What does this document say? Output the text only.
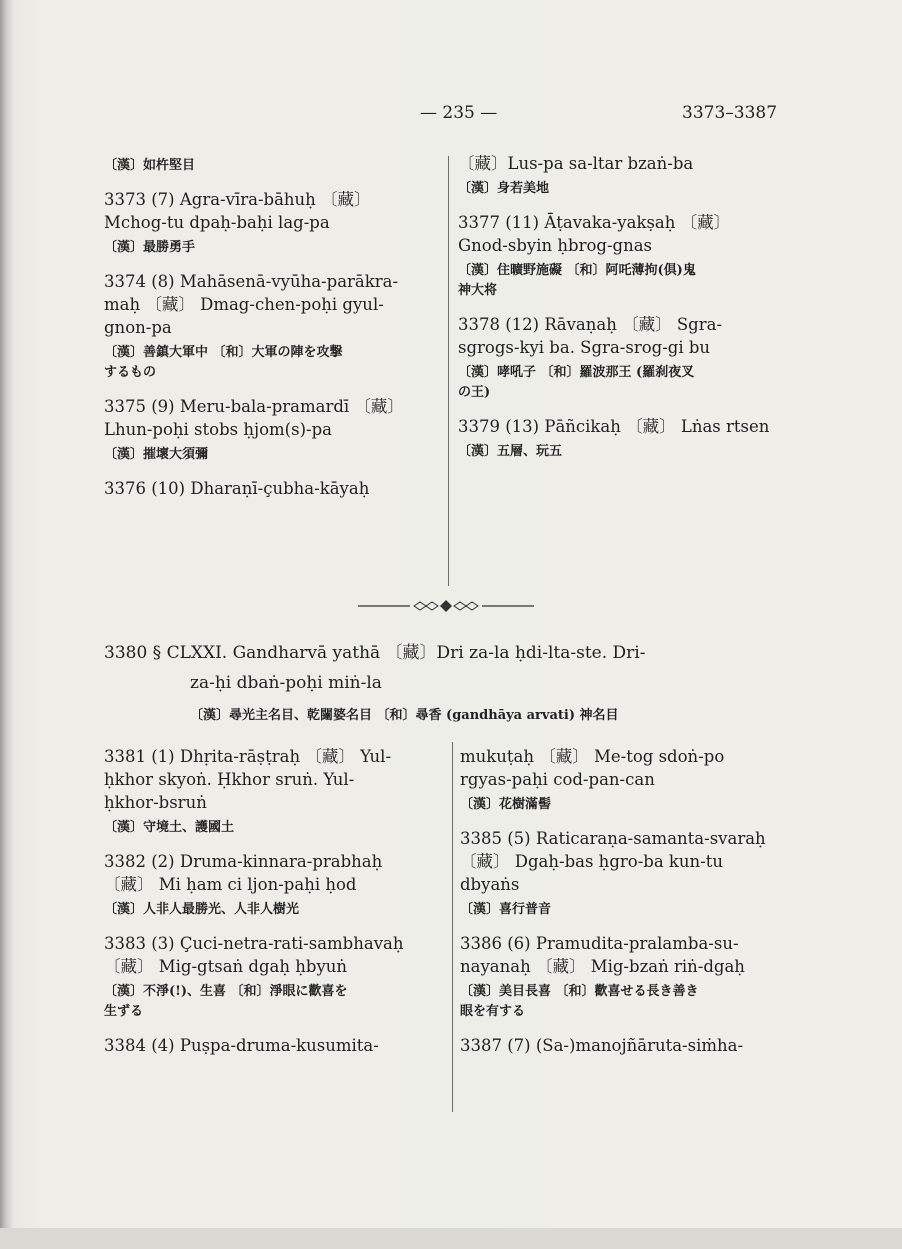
— 235 —	3373–3387
〔漢〕如杵堅目
3373 (7) Agra-vīra-bāhuḥ 〔藏〕
Mchog-tu dpaḥ-baḥi lag-pa
〔漢〕最勝勇手
3374 (8) Mahāsenā-vyūha-parākra-
maḥ 〔藏〕 Dmag-chen-poḥi gyul-
gnon-pa
〔漢〕善鎮大軍中 〔和〕大軍の陣を攻撃
するもの
3375 (9) Meru-bala-pramardī 〔藏〕
Lhun-poḥi stobs ḥjom(s)-pa
〔漢〕摧壞大須彌
3376 (10) Dharaṇī-çubha-kāyaḥ
〔藏〕Lus-pa sa-ltar bzaṅ-ba
〔漢〕身若美地
3377 (11) Āṭavaka-yakṣaḥ 〔藏〕
Gnod-sbyin ḥbrog-gnas
〔漢〕住曠野施礙 〔和〕阿吒薄拘(倶)鬼
神大将
3378 (12) Rāvaṇaḥ 〔藏〕 Sgra-
sgrogs-kyi ba. Sgra-srog-gi bu
〔漢〕哮吼子 〔和〕羅波那王 (羅刹夜叉
の王)
3379 (13) Pāñcikaḥ 〔藏〕 Lṅas rtsen
〔漢〕五層、玩五
3380 § CLXXI. Gandharvā yathā 〔藏〕Dri za-la ḥdi-lta-ste. Dri-
za-ḥi dbaṅ-poḥi miṅ-la
〔漢〕尋光主名目、乾闥婆名目 〔和〕尋香 (gandhāya arvati) 神名目
3381 (1) Dhṛita-rāṣṭraḥ 〔藏〕 Yul-
ḥkhor skyoṅ. Ḥkhor sruṅ. Yul-
ḥkhor-bsruṅ
〔漢〕守境土、護國土
3382 (2) Druma-kinnara-prabhaḥ
〔藏〕 Mi ḥam ci ljon-paḥi ḥod
〔漢〕人非人最勝光、人非人樹光
3383 (3) Çuci-netra-rati-sambhavaḥ
〔藏〕 Mig-gtsaṅ dgaḥ ḥbyuṅ
〔漢〕不淨(!)、生喜 〔和〕淨眼に歡喜を
生ずる
3384 (4) Puṣpa-druma-kusumita-
mukuṭaḥ 〔藏〕 Me-tog sdoṅ-po
rgyas-paḥi cod-pan-can
〔漢〕花樹滿髻
3385 (5) Raticaraṇa-samanta-svaraḥ
〔藏〕 Dgaḥ-bas ḥgro-ba kun-tu
dbyaṅs
〔漢〕喜行普音
3386 (6) Pramudita-pralamba-su-
nayanaḥ 〔藏〕 Mig-bzaṅ riṅ-dgaḥ
〔漢〕美目長喜 〔和〕歡喜せる長き善き
眼を有する
3387 (7) (Sa-)manojñāruta-siṁha-
